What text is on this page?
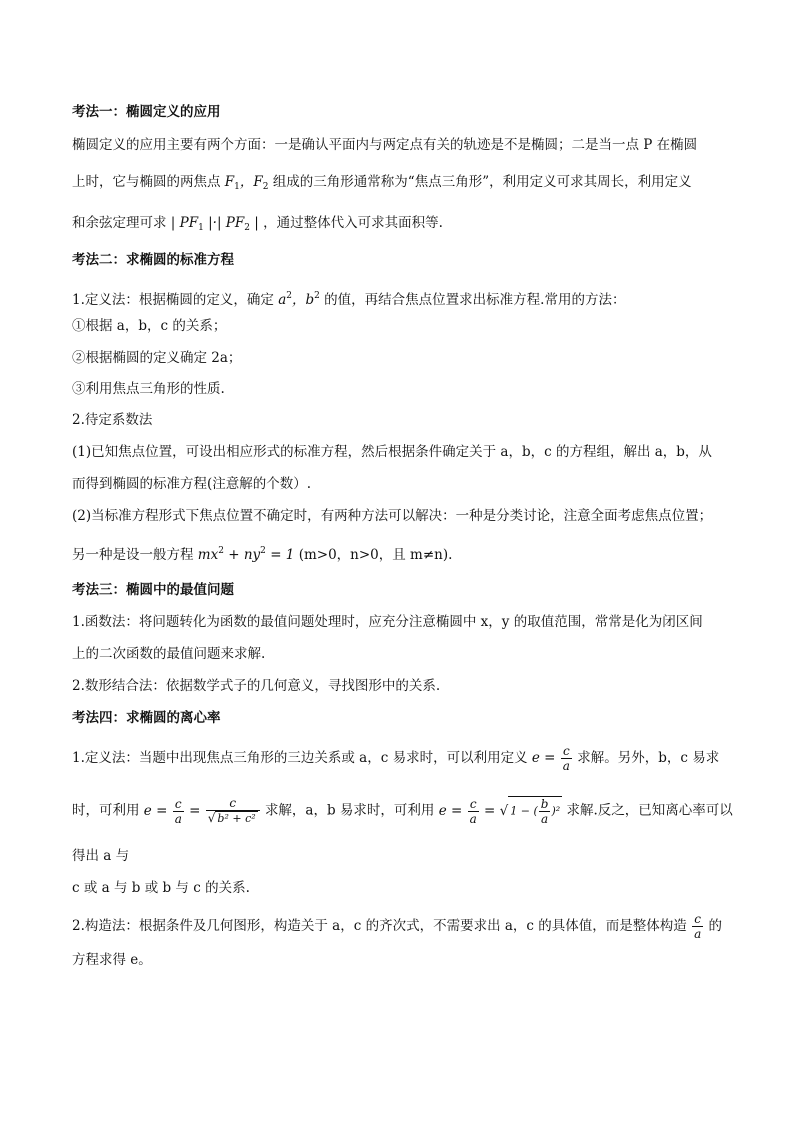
考法一：椭圆定义的应用
椭圆定义的应用主要有两个方面：一是确认平面内与两定点有关的轨迹是不是椭圆；二是当一点 P 在椭圆
上时，它与椭圆的两焦点 $F_1$，$F_2$ 组成的三角形通常称为“焦点三角形”，利用定义可求其周长，利用定义
和余弦定理可求 | $PF_1$ |·| $PF_2$ | ，通过整体代入可求其面积等.
考法二：求椭圆的标准方程
1.定义法：根据椭圆的定义，确定 $a^2$，$b^2$ 的值，再结合焦点位置求出标准方程.常用的方法：
①根据 a，b，c 的关系；
②根据椭圆的定义确定 2a；
③利用焦点三角形的性质.
2.待定系数法
(1)已知焦点位置，可设出相应形式的标准方程，然后根据条件确定关于 a，b，c 的方程组，解出 a，b，从
而得到椭圆的标准方程(注意解的个数）.
(2)当标准方程形式下焦点位置不确定时，有两种方法可以解决：一种是分类讨论，注意全面考虑焦点位置；
另一种是设一般方程 $mx^2 + ny^2 = 1$ (m>0，n>0，且 m≠n).
考法三：椭圆中的最值问题
1.函数法：将问题转化为函数的最值问题处理时，应充分注意椭圆中 x，y 的取值范围，常常是化为闭区间
上的二次函数的最值问题来求解.
2.数形结合法：依据数学式子的几何意义，寻找图形中的关系.
考法四：求椭圆的离心率
1.定义法：当题中出现焦点三角形的三边关系或 a，c 易求时，可以利用定义 $e = \frac{c}{a}$ 求解。另外，b，c 易求
时，可利用 $e = \frac{c}{a} = \frac{c}{\text{√ b² + c²}}$ 求解，a，b 易求时，可利用 $e = \frac{c}{a}$ = √ 1 − ( $\frac{b}{a} )^2$ 求解.反之，已知离心率可以
得出 a 与
c 或 a 与 b 或 b 与 c 的关系.
2.构造法：根据条件及几何图形，构造关于 a，c 的齐次式，不需要求出 a，c 的具体值，而是整体构造 $\frac{c}{a}$ 的
方程求得 e。
